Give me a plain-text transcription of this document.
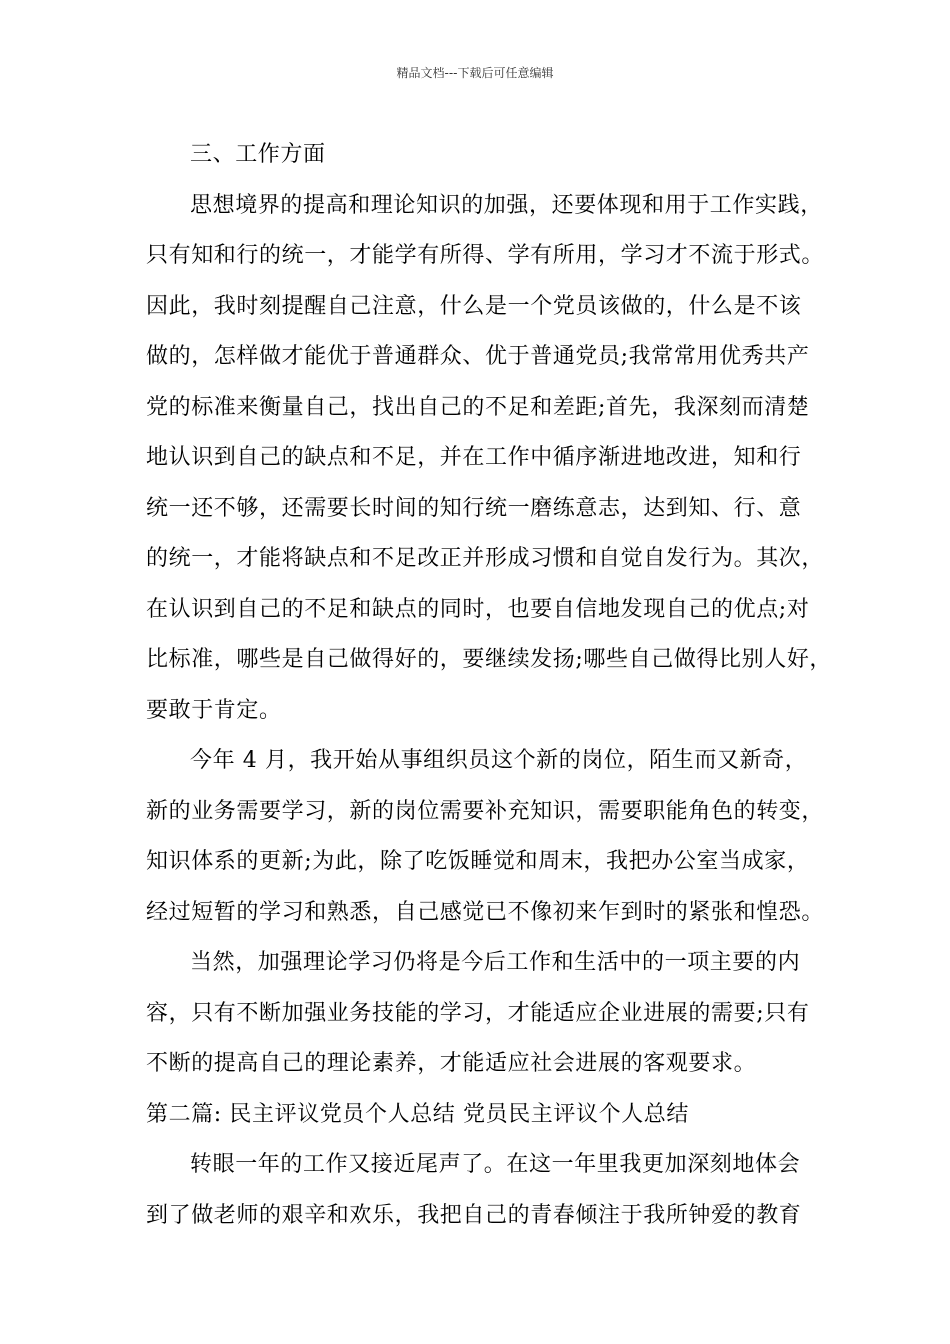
精品文档---下载后可任意编辑
三、工作方面
思想境界的提高和理论知识的加强，还要体现和用于工作实践，
只有知和行的统一，才能学有所得、学有所用，学习才不流于形式。
因此，我时刻提醒自己注意，什么是一个党员该做的，什么是不该
做的，怎样做才能优于普通群众、优于普通党员;我常常用优秀共产
党的标准来衡量自己，找出自己的不足和差距;首先，我深刻而清楚
地认识到自己的缺点和不足，并在工作中循序渐进地改进，知和行
统一还不够，还需要长时间的知行统一磨练意志，达到知、行、意
的统一，才能将缺点和不足改正并形成习惯和自觉自发行为。其次，
在认识到自己的不足和缺点的同时，也要自信地发现自己的优点;对
比标准，哪些是自己做得好的，要继续发扬;哪些自己做得比别人好，
要敢于肯定。
今年 4 月，我开始从事组织员这个新的岗位，陌生而又新奇，
新的业务需要学习，新的岗位需要补充知识，需要职能角色的转变，
知识体系的更新;为此，除了吃饭睡觉和周末，我把办公室当成家，
经过短暂的学习和熟悉，自己感觉已不像初来乍到时的紧张和惶恐。
当然，加强理论学习仍将是今后工作和生活中的一项主要的内
容，只有不断加强业务技能的学习，才能适应企业进展的需要;只有
不断的提高自己的理论素养，才能适应社会进展的客观要求。
第二篇: 民主评议党员个人总结 党员民主评议个人总结
转眼一年的工作又接近尾声了。在这一年里我更加深刻地体会
到了做老师的艰辛和欢乐，我把自己的青春倾注于我所钟爱的教育
